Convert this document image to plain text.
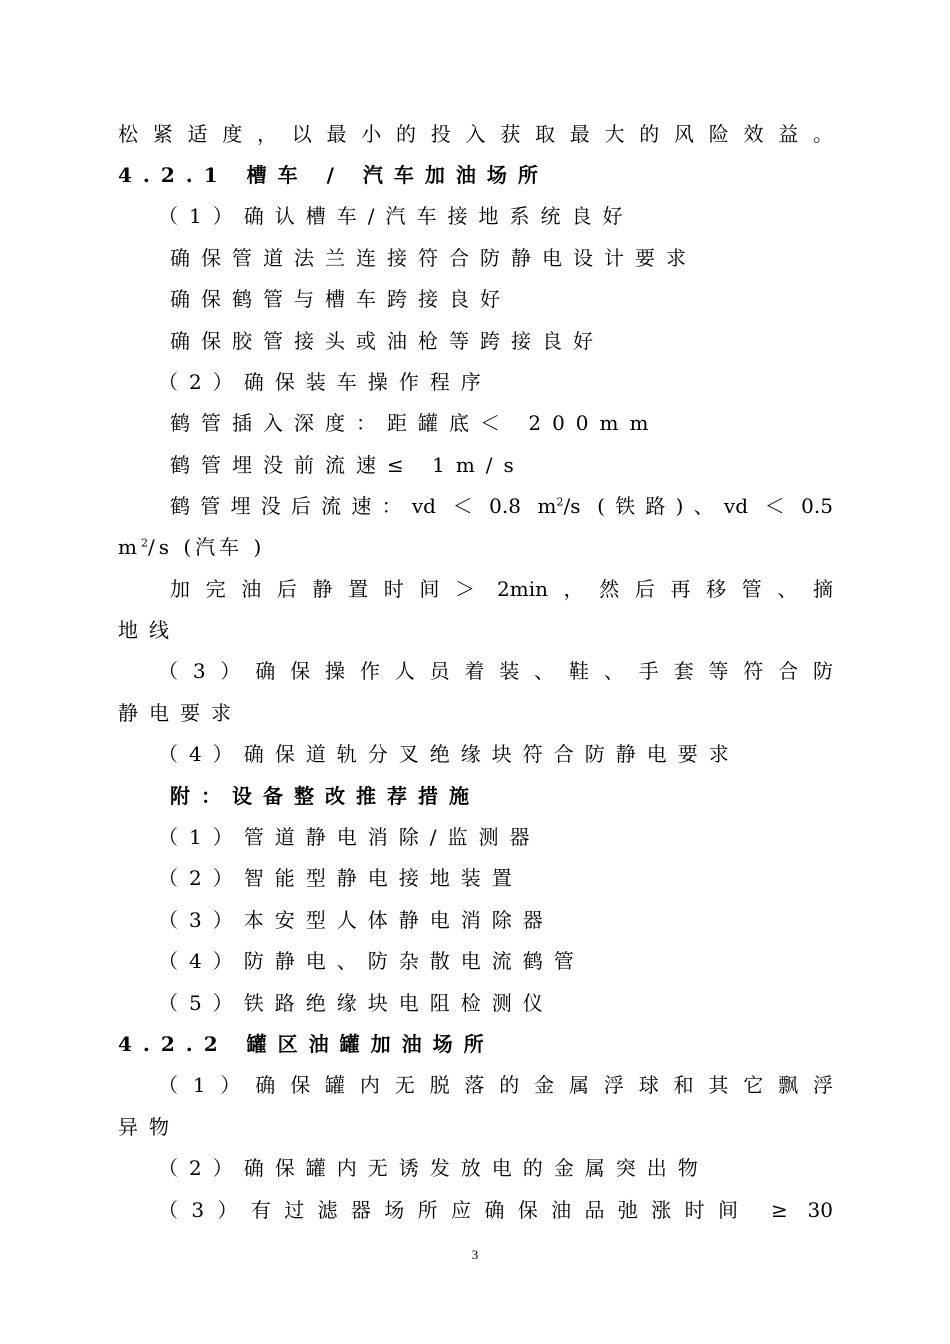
松紧适度，以最小的投入获取最大的风险效益。
4.2.1 槽车 / 汽车加油场所
（1）确认槽车/汽车接地系统良好
确保管道法兰连接符合防静电设计要求
确保鹤管与槽车跨接良好
确保胶管接头或油枪等跨接良好
（2）确保装车操作程序
鹤管插入深度：距罐底＜ 200mm
鹤管埋没前流速≤ 1m/s
鹤管埋没后流速：vd ＜ 0.8 $m^2/s$ (铁路)、vd ＜ 0.5
$m^2/s$ (汽车 )
加完油后静置时间＞ 2min，然后再移管、摘
地线
（3）确保操作人员着装、鞋、手套等符合防
静电要求
（4）确保道轨分叉绝缘块符合防静电要求
附：设备整改推荐措施
（1）管道静电消除/监测器
（2）智能型静电接地装置
（3）本安型人体静电消除器
（4）防静电、防杂散电流鹤管
（5）铁路绝缘块电阻检测仪
4.2.2 罐区油罐加油场所
（1）确保罐内无脱落的金属浮球和其它飘浮
异物
（2）确保罐内无诱发放电的金属突出物
（3）有过滤器场所应确保油品弛涨时间 ≥ 30
3
